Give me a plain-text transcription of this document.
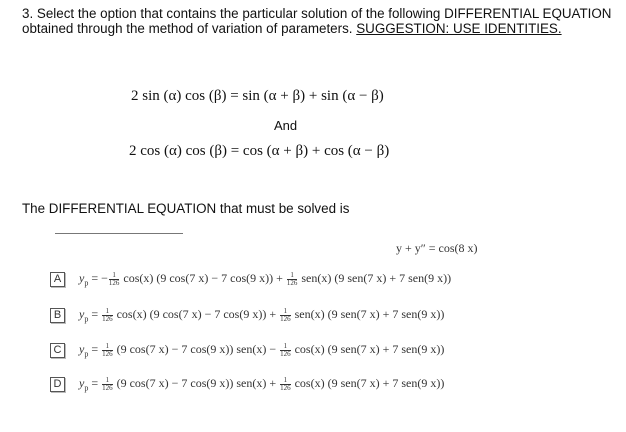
3. Select the option that contains the particular solution of the following DIFFERENTIAL EQUATION obtained through the method of variation of parameters. SUGGESTION: USE IDENTITIES.
2 sin (α) cos (β) = sin (α + β) + sin (α − β)
And
2 cos (α) cos (β) = cos (α + β) + cos (α − β)
The DIFFERENTIAL EQUATION that must be solved is
y + y″ = cos(8 x)
A	$y_p$ = − $\frac{1}{126} \cos(x)$ (9 cos(7 x) − 7 cos(9 $x)) + \frac{1}{126} sen(x)$ (9 sen(7 x) + 7 sen(9 x))
B	$y_p = \frac{1}{126} \cos(x)$ (9 cos(7 x) − 7 cos(9 $x)) + \frac{1}{126} sen(x)$ (9 sen(7 x) + 7 sen(9 x))
C $y_p = \frac{1}{126} (9$ cos(7 x) − 7 cos(9 x)) $sen(x) - \frac{1}{126} \cos(x)$ (9 sen(7 x) + 7 sen(9 x))
D $y_p = \frac{1}{126} (9$ cos(7 x) − 7 cos(9 x)) $sen(x) + \frac{1}{126} \cos(x)$ (9 sen(7 x) + 7 sen(9 x))
